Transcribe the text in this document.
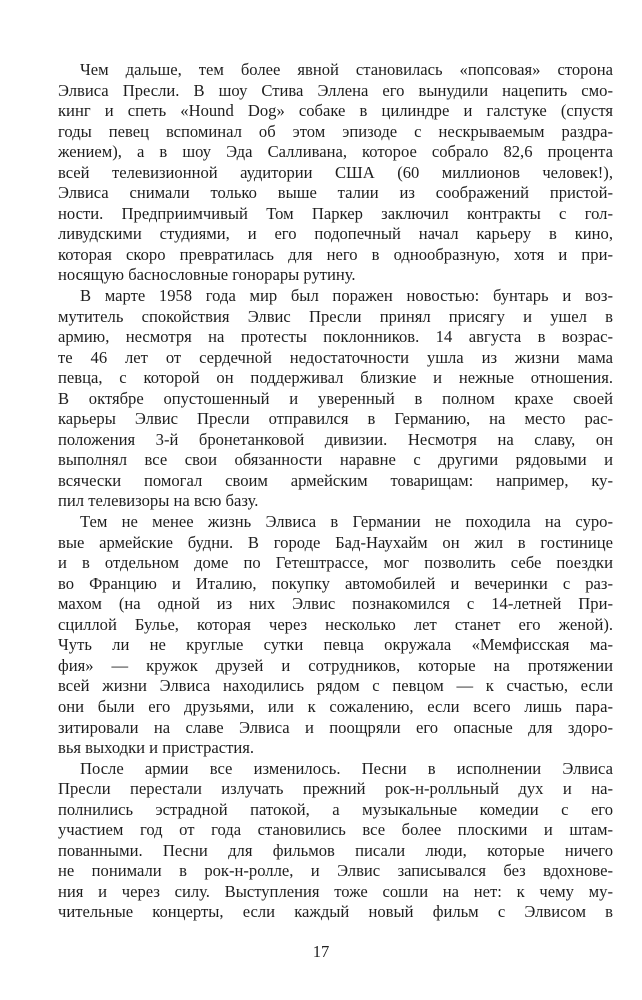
Чем дальше, тем более явной становилась «попсовая» сторона
Элвиса Пресли. В шоу Стива Эллена его вынудили нацепить смо-
кинг и спеть «Hound Dog» собаке в цилиндре и галстуке (спустя
годы певец вспоминал об этом эпизоде с нескрываемым раздра-
жением), а в шоу Эда Салливана, которое собрало 82,6 процента
всей телевизионной аудитории США (60 миллионов человек!),
Элвиса снимали только выше талии из соображений пристой-
ности. Предприимчивый Том Паркер заключил контракты с гол-
ливудскими студиями, и его подопечный начал карьеру в кино,
которая скоро превратилась для него в однообразную, хотя и при-
носящую баснословные гонорары рутину.
В марте 1958 года мир был поражен новостью: бунтарь и воз-
мутитель спокойствия Элвис Пресли принял присягу и ушел в
армию, несмотря на протесты поклонников. 14 августа в возрас-
те 46 лет от сердечной недостаточности ушла из жизни мама
певца, с которой он поддерживал близкие и нежные отношения.
В октябре опустошенный и уверенный в полном крахе своей
карьеры Элвис Пресли отправился в Германию, на место рас-
положения 3-й бронетанковой дивизии. Несмотря на славу, он
выполнял все свои обязанности наравне с другими рядовыми и
всячески помогал своим армейским товарищам: например, ку-
пил телевизоры на всю базу.
Тем не менее жизнь Элвиса в Германии не походила на суро-
вые армейские будни. В городе Бад-Наухайм он жил в гостинице
и в отдельном доме по Гетештрассе, мог позволить себе поездки
во Францию и Италию, покупку автомобилей и вечеринки с раз-
махом (на одной из них Элвис познакомился с 14-летней При-
сциллой Булье, которая через несколько лет станет его женой).
Чуть ли не круглые сутки певца окружала «Мемфисская ма-
фия» — кружок друзей и сотрудников, которые на протяжении
всей жизни Элвиса находились рядом с певцом — к счастью, если
они были его друзьями, или к сожалению, если всего лишь пара-
зитировали на славе Элвиса и поощряли его опасные для здоро-
вья выходки и пристрастия.
После армии все изменилось. Песни в исполнении Элвиса
Пресли перестали излучать прежний рок-н-ролльный дух и на-
полнились эстрадной патокой, а музыкальные комедии с его
участием год от года становились все более плоскими и штам-
пованными. Песни для фильмов писали люди, которые ничего
не понимали в рок-н-ролле, и Элвис записывался без вдохнове-
ния и через силу. Выступления тоже сошли на нет: к чему му-
чительные концерты, если каждый новый фильм с Элвисом в
17
